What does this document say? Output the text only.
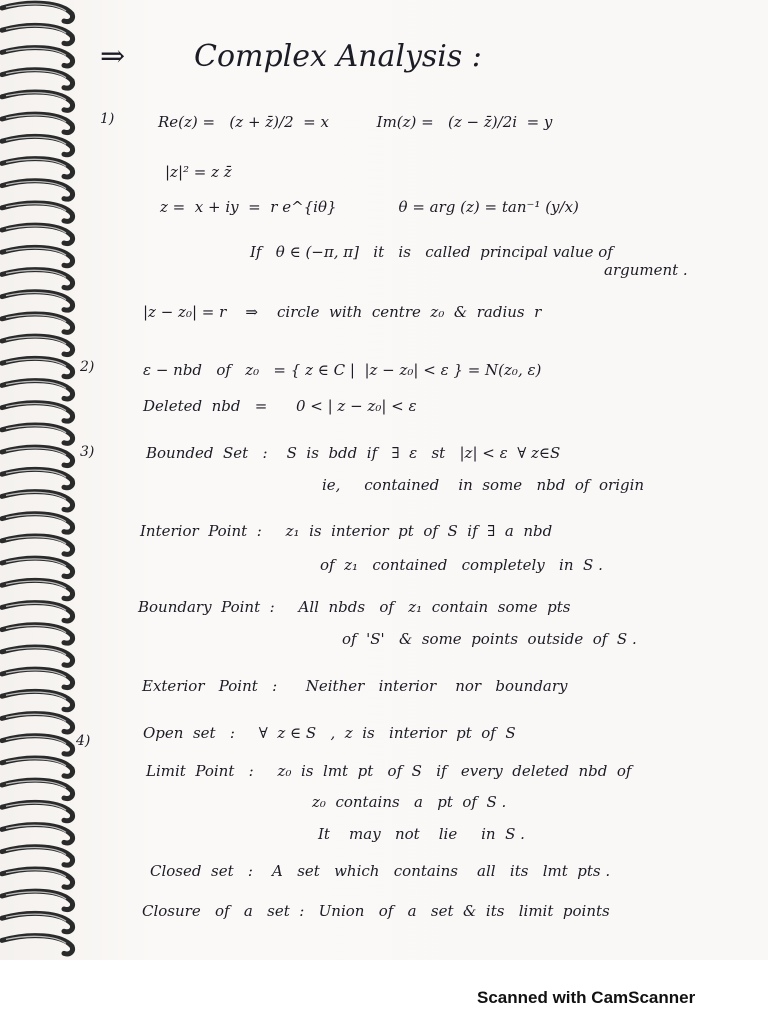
⇒ Complex Analysis :
1)
2)
3)
4)
Re(z) =   (z + z̄)/2  = x          Im(z) =   (z − z̄)/2i  = y
|z|² = z z̄
z =  x + iy  =  r e^{iθ}             θ = arg (z) = tan⁻¹ (y/x)
If   θ ∈ (−π, π]   it   is   called  principal value of
argument .
|z − z₀| = r    ⇒    circle  with  centre  z₀  &  radius  r
ε − nbd   of   z₀   = { z ∈ C |  |z − z₀| < ε } = N(z₀, ε)
Deleted  nbd   =      0 < | z − z₀| < ε
Bounded  Set   :    S  is  bdd  if   ∃  ε   st   |z| < ε  ∀ z∈S
ie,     contained    in  some   nbd  of  origin
Interior  Point  :     z₁  is  interior  pt  of  S  if  ∃  a  nbd
of  z₁   contained   completely   in  S .
Boundary  Point  :     All  nbds   of   z₁  contain  some  pts
of  'S'   &  some  points  outside  of  S .
Exterior   Point   :      Neither   interior    nor   boundary
Open  set   :     ∀  z ∈ S   ,  z  is   interior  pt  of  S
Limit  Point   :     z₀  is  lmt  pt   of  S   if   every  deleted  nbd  of
z₀  contains   a   pt  of  S .
It    may   not    lie     in  S .
Closed  set   :    A   set   which   contains    all   its   lmt  pts .
Closure   of   a   set  :   Union   of   a   set  &  its   limit  points
Scanned with CamScanner
